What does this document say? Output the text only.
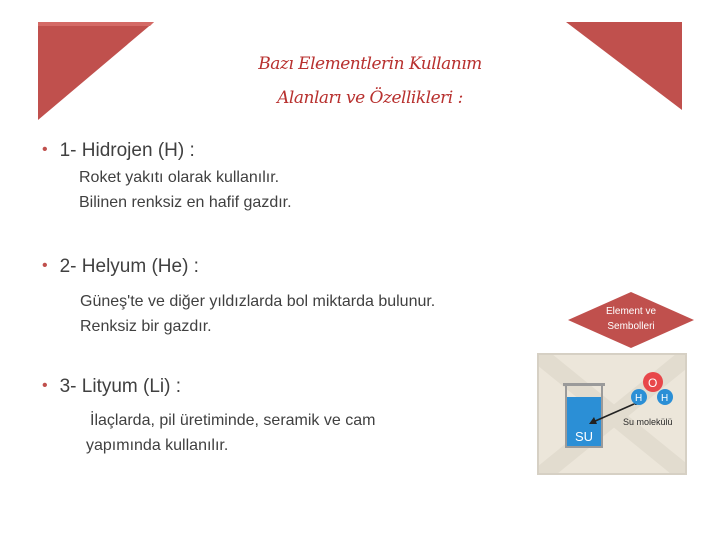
Bazı Elementlerin Kullanım
Alanları ve Özellikleri :
• 1- Hidrojen (H) :
Roket yakıtı olarak kullanılır.
Bilinen renksiz en hafif gazdır.
• 2- Helyum (He) :
Güneş'te ve diğer yıldızlarda bol miktarda bulunur.
Renksiz bir gazdır.
• 3- Lityum (Li) :
İlaçlarda, pil üretiminde, seramik ve cam
yapımında kullanılır.
Element ve
Sembolleri
SU
O
H H
Su molekülü
